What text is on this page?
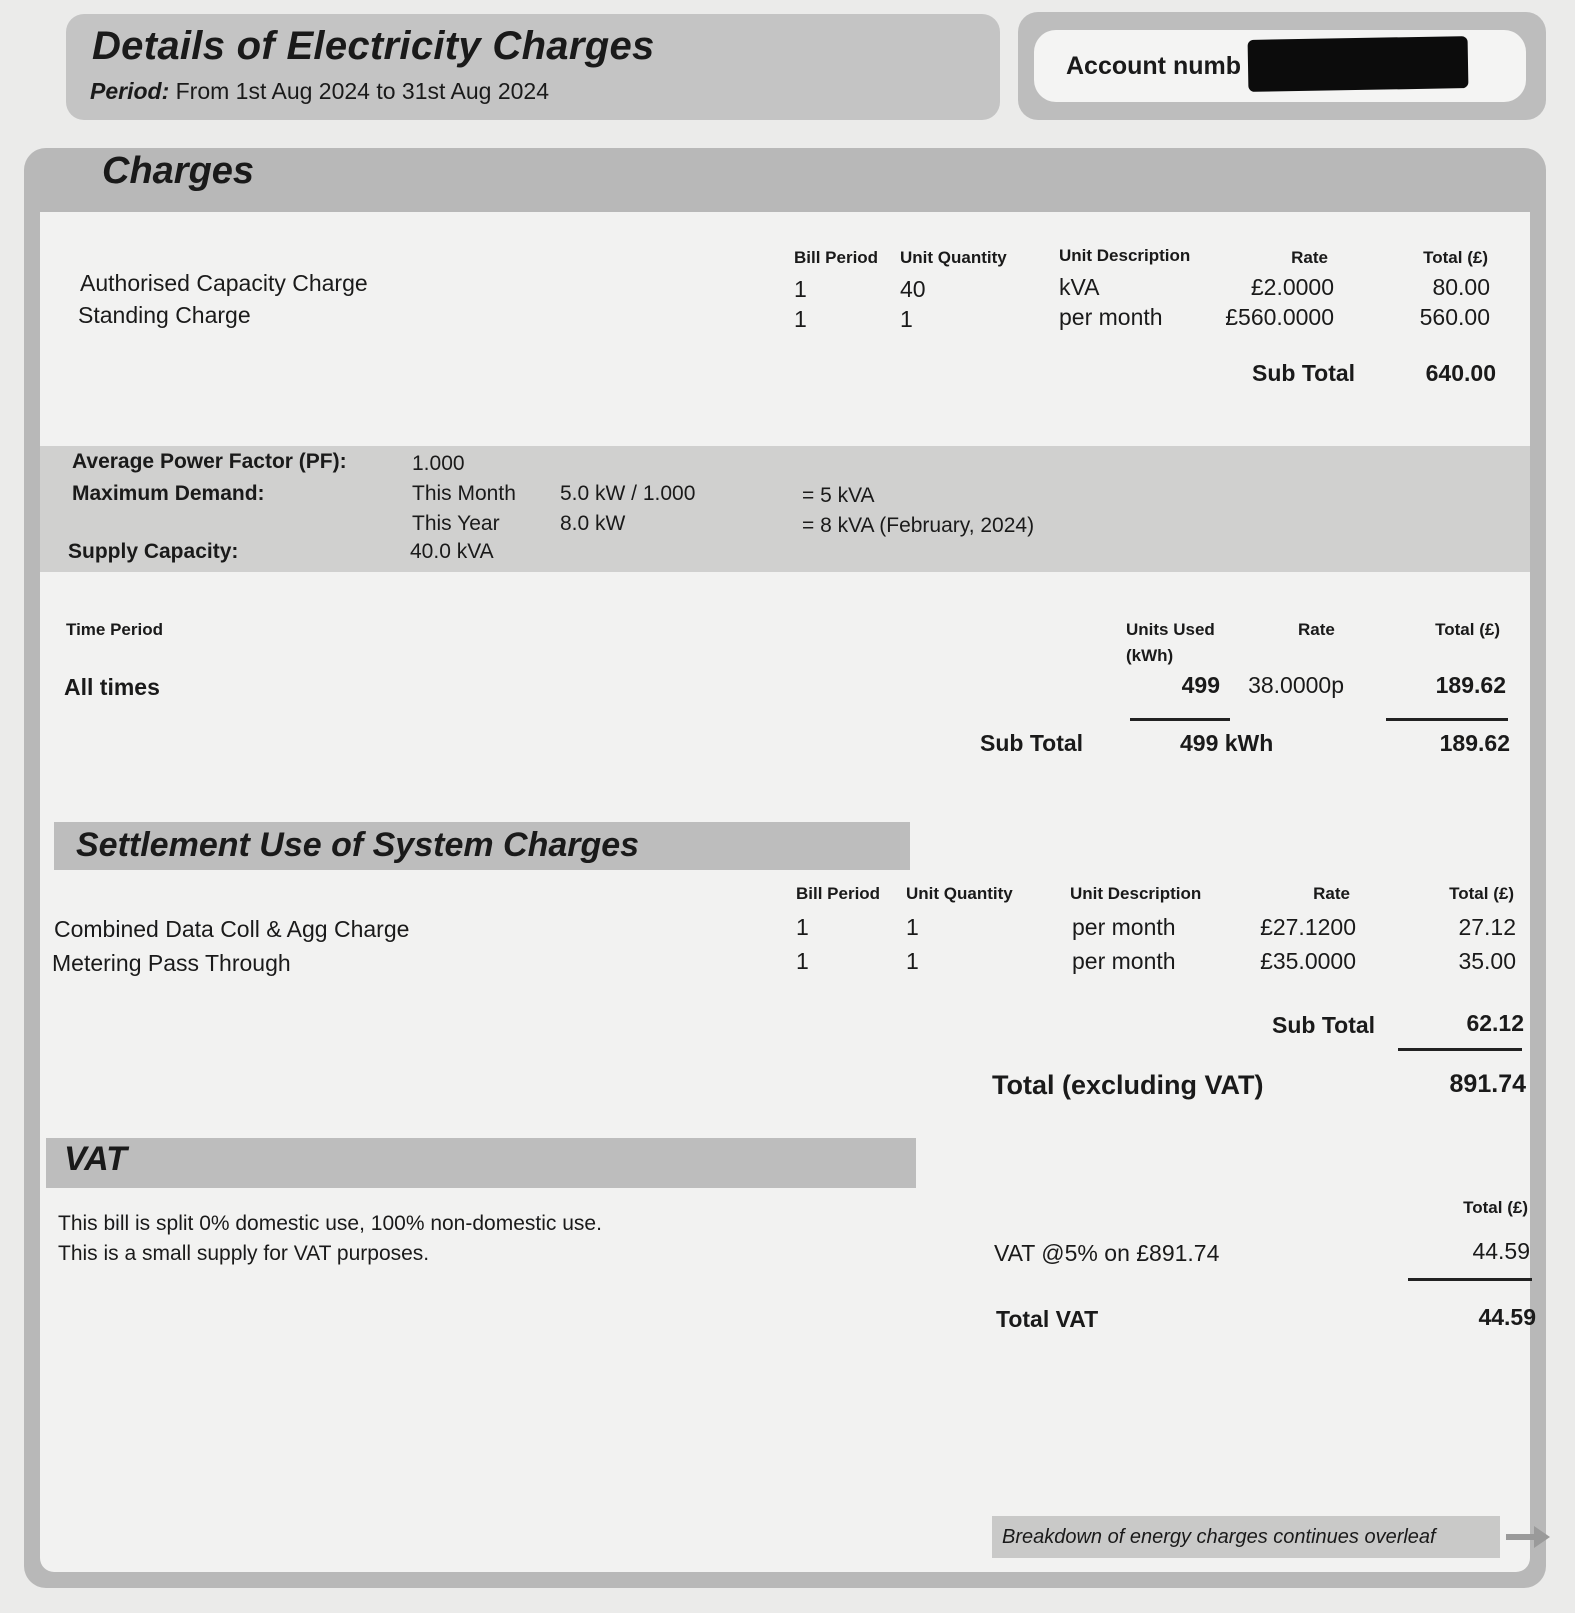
Details of Electricity Charges
Period: From 1st Aug 2024 to 31st Aug 2024
Account numb
Charges
Bill Period Unit Quantity	Unit Description	Rate	Total (£)
Authorised Capacity Charge	1	40	kVA	£2.0000	80.00
Standing Charge	1	1	per month	£560.0000	560.00
Sub Total	640.00
Average Power Factor (PF):	1.000
Maximum Demand:	This Month 5.0 kW / 1.000	= 5 kVA
This Year	8.0 kW	= 8 kVA (February, 2024)
Supply Capacity:	40.0 kVA
Time Period	Units Used
(kWh)
Rate	Total (£)
All times	499	38.0000p	189.62
Sub Total	499 kWh	189.62
Settlement Use of System Charges
Bill Period Unit Quantity	Unit Description	Rate	Total (£)
Combined Data Coll & Agg Charge	1	1	per month	£27.1200	27.12
Metering Pass Through	1	1	per month	£35.0000	35.00
Sub Total	62.12
Total (excluding VAT)	891.74
VAT
This bill is split 0% domestic use, 100% non-domestic use.
This is a small supply for VAT purposes.
Total (£)
VAT @5% on £891.74	44.59
Total VAT	44.59
Breakdown of energy charges continues overleaf
